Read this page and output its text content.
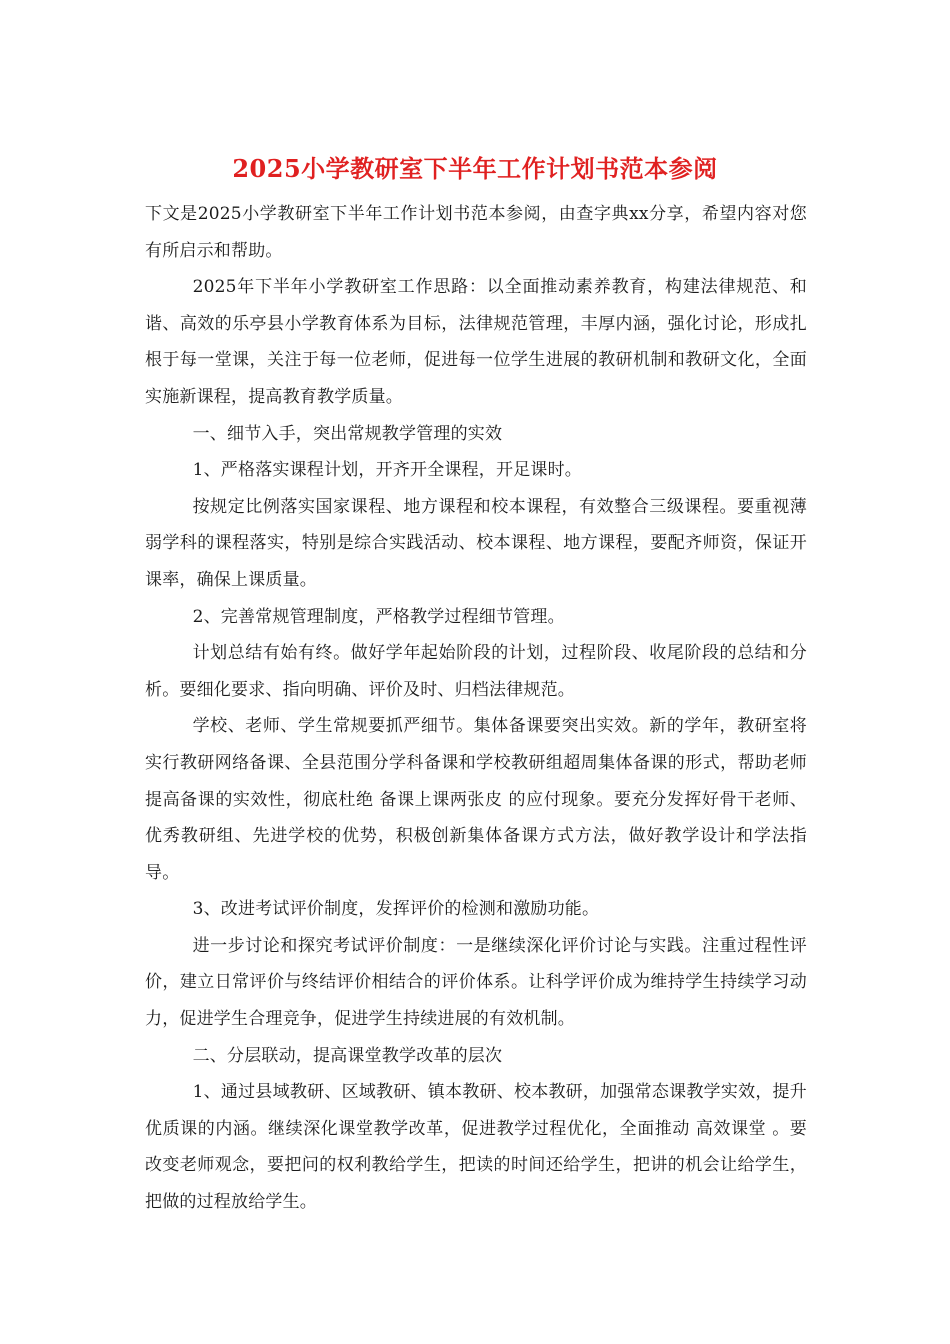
2025小学教研室下半年工作计划书范本参阅

下文是2025小学教研室下半年工作计划书范本参阅，由查字典xx分享，希望内容对您有所启示和帮助。

2025年下半年小学教研室工作思路：以全面推动素养教育，构建法律规范、和谐、高效的乐亭县小学教育体系为目标，法律规范管理，丰厚内涵，强化讨论，形成扎根于每一堂课，关注于每一位老师，促进每一位学生进展的教研机制和教研文化，全面实施新课程，提高教育教学质量。

一、细节入手，突出常规教学管理的实效

1、严格落实课程计划，开齐开全课程，开足课时。

按规定比例落实国家课程、地方课程和校本课程，有效整合三级课程。要重视薄弱学科的课程落实，特别是综合实践活动、校本课程、地方课程，要配齐师资，保证开课率，确保上课质量。

2、完善常规管理制度，严格教学过程细节管理。

计划总结有始有终。做好学年起始阶段的计划，过程阶段、收尾阶段的总结和分析。要细化要求、指向明确、评价及时、归档法律规范。

学校、老师、学生常规要抓严细节。集体备课要突出实效。新的学年，教研室将实行教研网络备课、全县范围分学科备课和学校教研组超周集体备课的形式，帮助老师提高备课的实效性，彻底杜绝 备课上课两张皮 的应付现象。要充分发挥好骨干老师、优秀教研组、先进学校的优势，积极创新集体备课方式方法，做好教学设计和学法指导。

3、改进考试评价制度，发挥评价的检测和激励功能。

进一步讨论和探究考试评价制度：一是继续深化评价讨论与实践。注重过程性评价，建立日常评价与终结评价相结合的评价体系。让科学评价成为维持学生持续学习动力，促进学生合理竞争，促进学生持续进展的有效机制。

二、分层联动，提高课堂教学改革的层次

1、通过县域教研、区域教研、镇本教研、校本教研，加强常态课教学实效，提升优质课的内涵。继续深化课堂教学改革，促进教学过程优化，全面推动 高效课堂 。要改变老师观念，要把问的权利教给学生，把读的时间还给学生，把讲的机会让给学生，把做的过程放给学生。
